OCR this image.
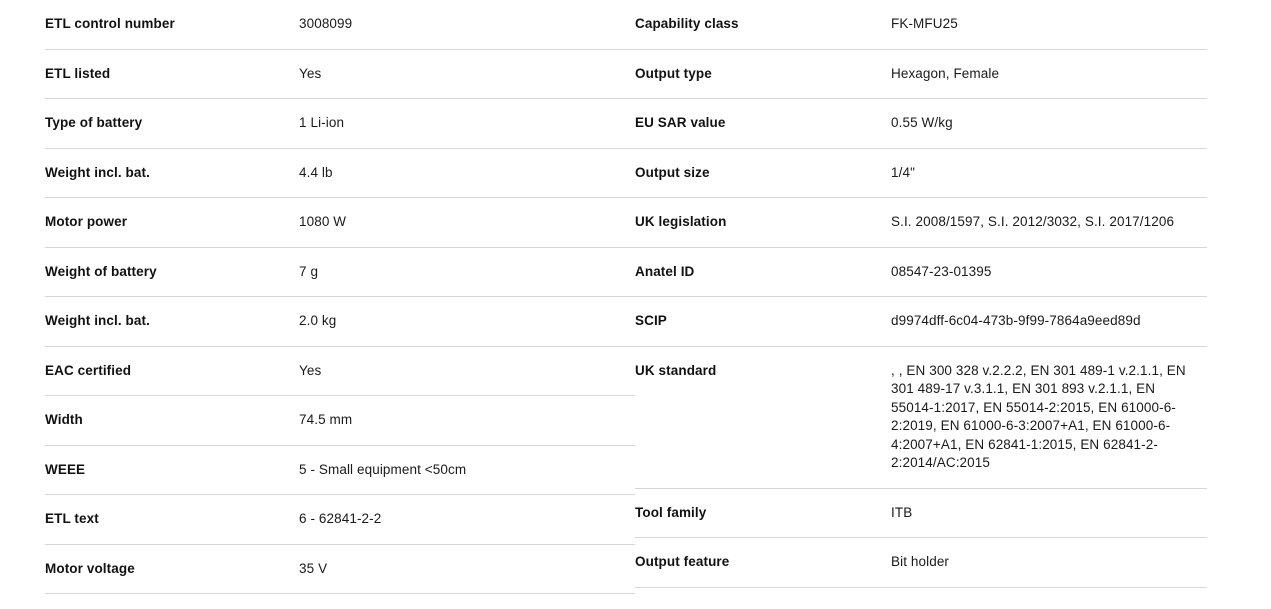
ETL control number	3008099
ETL listed	Yes
Type of battery	1 Li-ion
Weight incl. bat.	4.4 lb
Motor power	1080 W
Weight of battery	7 g
Weight incl. bat.	2.0 kg
EAC certified	Yes
Width	74.5 mm
WEEE	5 - Small equipment <50cm
ETL text	6 - 62841-2-2
Motor voltage	35 V
Capability class	FK-MFU25
Output type	Hexagon, Female
EU SAR value	0.55 W/kg
Output size	1/4"
UK legislation	S.I. 2008/1597, S.I. 2012/3032, S.I. 2017/1206
Anatel ID	08547-23-01395
SCIP	d9974dff-6c04-473b-9f99-7864a9eed89d
UK standard	, , EN 300 328 v.2.2.2, EN 301 489-1 v.2.1.1, EN 301 489-17 v.3.1.1, EN 301 893 v.2.1.1, EN 55014-1:2017, EN 55014-2:2015, EN 61000-6-2:2019, EN 61000-6-3:2007+A1, EN 61000-6-4:2007+A1, EN 62841-1:2015, EN 62841-2-2:2014/AC:2015
Tool family	ITB
Output feature	Bit holder
